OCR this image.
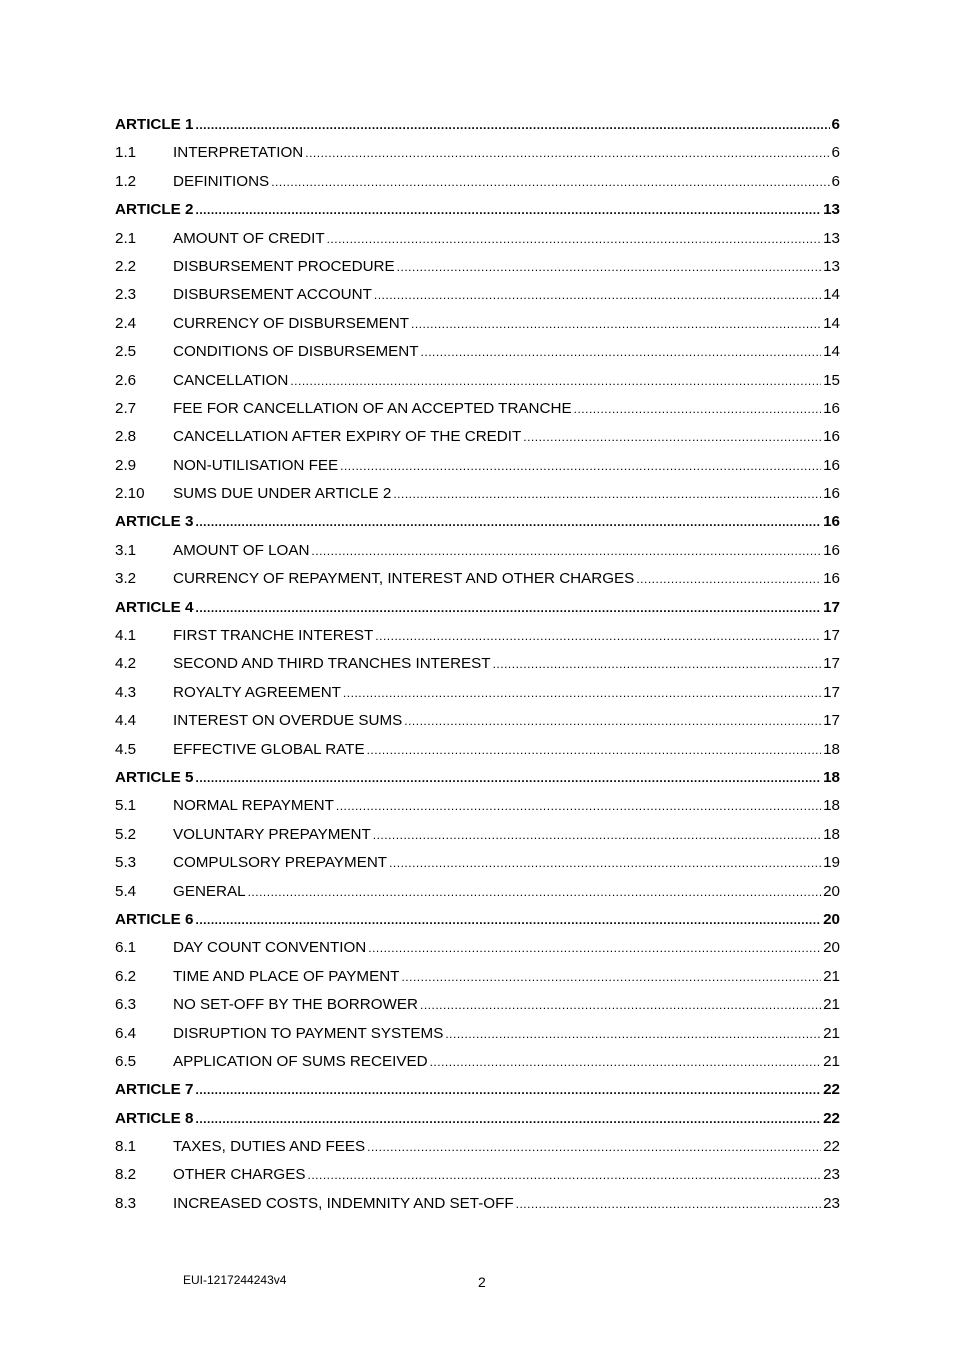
ARTICLE 1 .....	6
1.1	INTERPRETATION .....	6
1.2	DEFINITIONS .....	6
ARTICLE 2 .....	13
2.1	AMOUNT OF CREDIT .....	13
2.2	DISBURSEMENT PROCEDURE .....	13
2.3	DISBURSEMENT ACCOUNT .....	14
2.4	CURRENCY OF DISBURSEMENT .....	14
2.5	CONDITIONS OF DISBURSEMENT .....	14
2.6	CANCELLATION .....	15
2.7	FEE FOR CANCELLATION OF AN ACCEPTED TRANCHE .....	16
2.8	CANCELLATION AFTER EXPIRY OF THE CREDIT .....	16
2.9	NON-UTILISATION FEE .....	16
2.10	SUMS DUE UNDER ARTICLE 2 .....	16
ARTICLE 3 .....	16
3.1	AMOUNT OF LOAN .....	16
3.2	CURRENCY OF REPAYMENT, INTEREST AND OTHER CHARGES .....	16
ARTICLE 4 .....	17
4.1	FIRST TRANCHE INTEREST .....	17
4.2	SECOND AND THIRD TRANCHES INTEREST .....	17
4.3	ROYALTY AGREEMENT .....	17
4.4	INTEREST ON OVERDUE SUMS .....	17
4.5	EFFECTIVE GLOBAL RATE .....	18
ARTICLE 5 .....	18
5.1	NORMAL REPAYMENT .....	18
5.2	VOLUNTARY PREPAYMENT .....	18
5.3	COMPULSORY PREPAYMENT .....	19
5.4	GENERAL .....	20
ARTICLE 6 .....	20
6.1	DAY COUNT CONVENTION .....	20
6.2	TIME AND PLACE OF PAYMENT .....	21
6.3	NO SET-OFF BY THE BORROWER .....	21
6.4	DISRUPTION TO PAYMENT SYSTEMS .....	21
6.5	APPLICATION OF SUMS RECEIVED .....	21
ARTICLE 7 .....	22
ARTICLE 8 .....	22
8.1	TAXES, DUTIES AND FEES .....	22
8.2	OTHER CHARGES .....	23
8.3	INCREASED COSTS, INDEMNITY AND SET-OFF .....	23
EUI-1217244243v4	2
